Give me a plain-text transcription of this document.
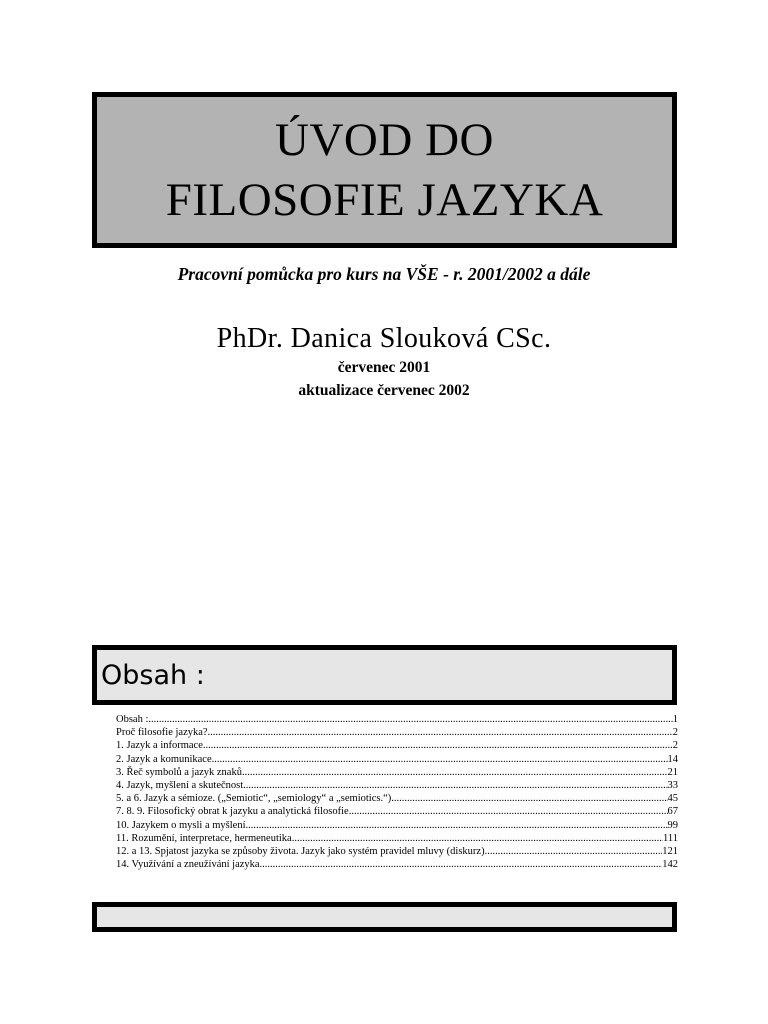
ÚVOD DO
FILOSOFIE JAZYKA
Pracovní pomůcka pro kurs na VŠE - r. 2001/2002 a dále
PhDr. Danica Slouková CSc.
červenec 2001
aktualizace červenec 2002
Obsah :
Obsah : .....	1
Proč filosofie jazyka? .....	2
1. Jazyk a informace .....	2
2. Jazyk a komunikace .....	14
3. Řeč symbolů a jazyk znaků .....	21
4. Jazyk, myšlení a skutečnost .....	33
5. a 6. Jazyk a sémioze. („Semiotic“, „semiology“ a „semiotics.“) .....	45
7. 8. 9. Filosofický obrat k jazyku a analytická filosofie .....	67
10. Jazykem o mysli a myšlení .....	99
11. Rozumění, interpretace, hermeneutika .....	111
12. a 13. Spjatost jazyka se způsoby života. Jazyk jako systém pravidel mluvy (diskurz) .....	121
14. Využívání a zneužívání jazyka .....	142
